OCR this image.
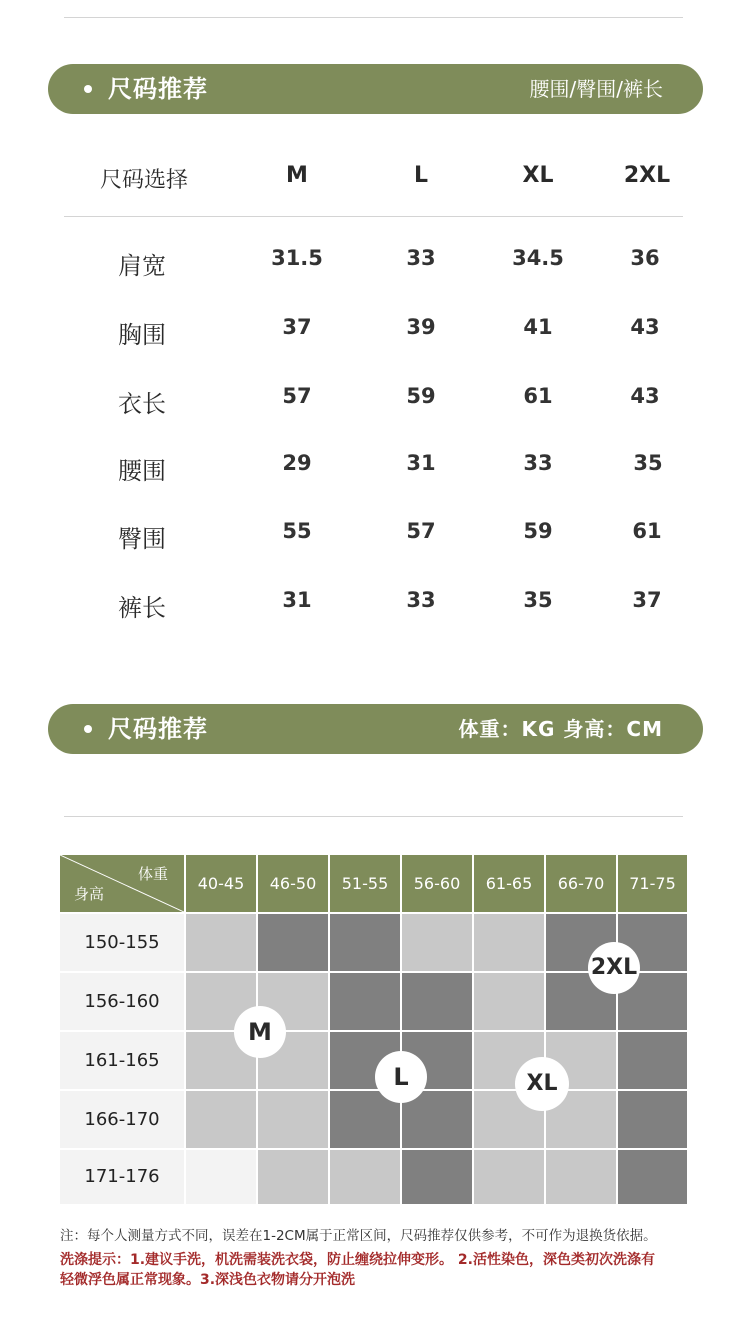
尺码推荐	腰围/臀围/裤长
尺码选择	M	L	XL	2XL
肩宽	31.5	33	34.5	36
胸围	37	39	41	43
衣长	57	59	61	43
腰围	29	31	33	35
臀围	55	57	59	61
裤长	31	33	35	37
尺码推荐	体重：KG 身高：CM
体重
身高
40-45	46-50	51-55	56-60	61-65	66-70	71-75
150-155
156-160
161-165
166-170
171-176
M
L	XL
2XL
注：每个人测量方式不同，误差在1-2CM属于正常区间，尺码推荐仅供参考，不可作为退换货依据。
洗涤提示：1.建议手洗，机洗需装洗衣袋，防止缠绕拉伸变形。 2.活性染色，深色类初次洗涤有
轻微浮色属正常现象。3.深浅色衣物请分开泡洗
